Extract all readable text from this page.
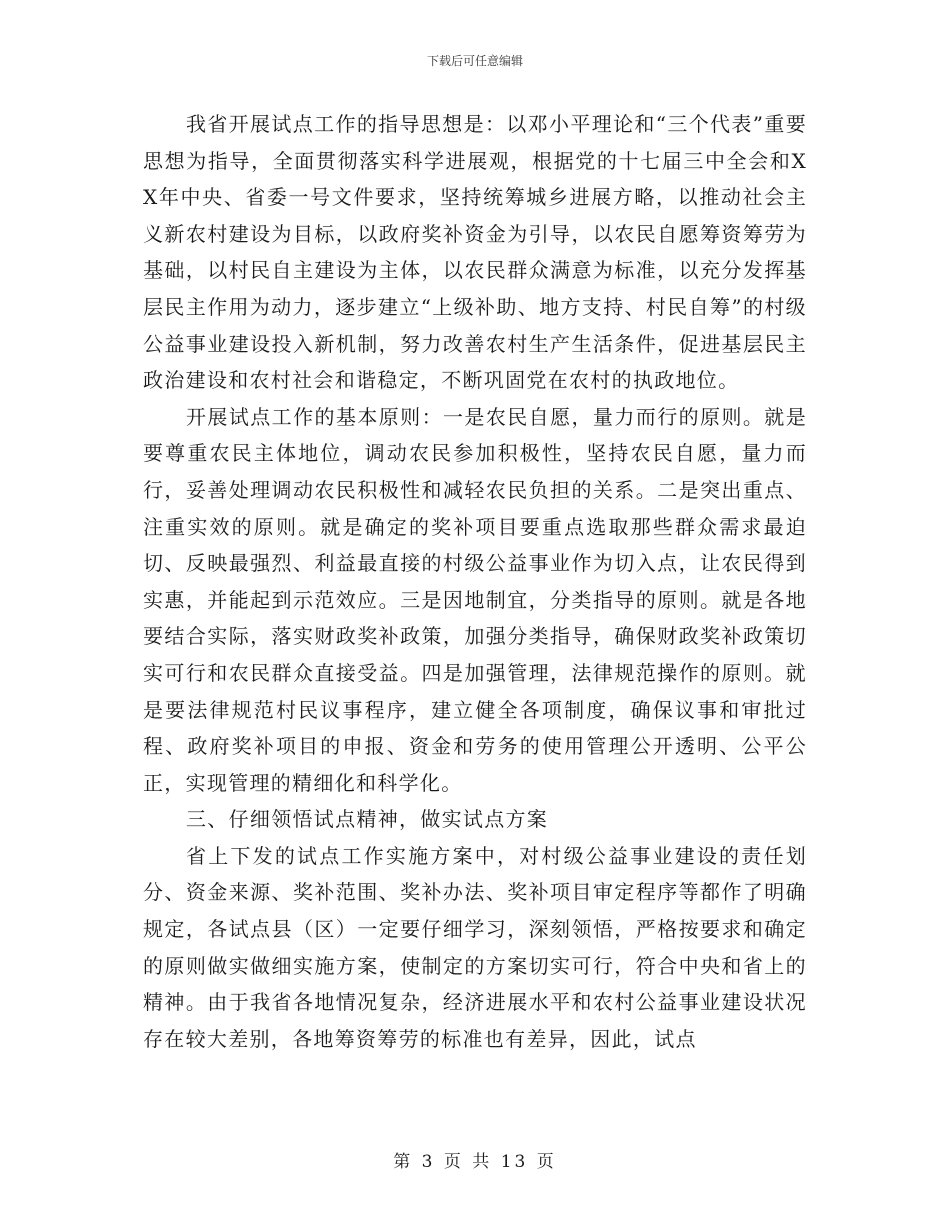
下载后可任意编辑

我省开展试点工作的指导思想是：以邓小平理论和“三个代表”重要思想为指导，全面贯彻落实科学进展观，根据党的十七届三中全会和XX年中央、省委一号文件要求，坚持统筹城乡进展方略，以推动社会主义新农村建设为目标，以政府奖补资金为引导，以农民自愿筹资筹劳为基础，以村民自主建设为主体，以农民群众满意为标准，以充分发挥基层民主作用为动力，逐步建立“上级补助、地方支持、村民自筹”的村级公益事业建设投入新机制，努力改善农村生产生活条件，促进基层民主政治建设和农村社会和谐稳定，不断巩固党在农村的执政地位。

开展试点工作的基本原则：一是农民自愿，量力而行的原则。就是要尊重农民主体地位，调动农民参加积极性，坚持农民自愿，量力而行，妥善处理调动农民积极性和减轻农民负担的关系。二是突出重点、注重实效的原则。就是确定的奖补项目要重点选取那些群众需求最迫切、反映最强烈、利益最直接的村级公益事业作为切入点，让农民得到实惠，并能起到示范效应。三是因地制宜，分类指导的原则。就是各地要结合实际，落实财政奖补政策，加强分类指导，确保财政奖补政策切实可行和农民群众直接受益。四是加强管理，法律规范操作的原则。就是要法律规范村民议事程序，建立健全各项制度，确保议事和审批过程、政府奖补项目的申报、资金和劳务的使用管理公开透明、公平公正，实现管理的精细化和科学化。

三、仔细领悟试点精神，做实试点方案

省上下发的试点工作实施方案中，对村级公益事业建设的责任划分、资金来源、奖补范围、奖补办法、奖补项目审定程序等都作了明确规定，各试点县（区）一定要仔细学习，深刻领悟，严格按要求和确定的原则做实做细实施方案，使制定的方案切实可行，符合中央和省上的精神。由于我省各地情况复杂，经济进展水平和农村公益事业建设状况存在较大差别，各地筹资筹劳的标准也有差异，因此，试点

第 3 页 共 13 页
